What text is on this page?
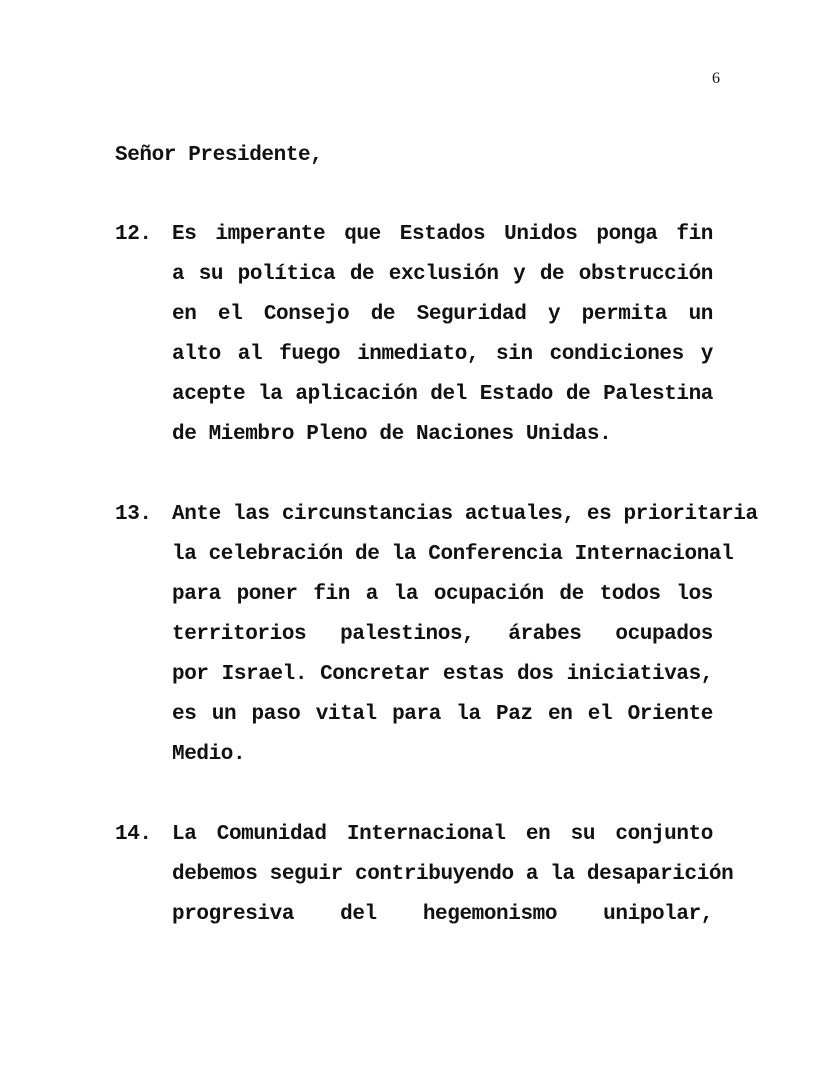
6
Señor Presidente,
12. Es imperante que Estados Unidos ponga fin
a su política de exclusión y de obstrucción
en el Consejo de Seguridad y permita un
alto al fuego inmediato, sin condiciones y
acepte la aplicación del Estado de Palestina
de Miembro Pleno de Naciones Unidas.
13. Ante las circunstancias actuales, es prioritaria
la celebración de la Conferencia Internacional
para poner fin a la ocupación de todos los
territorios palestinos, árabes ocupados
por Israel. Concretar estas dos iniciativas,
es un paso vital para la Paz en el Oriente
Medio.
14. La Comunidad Internacional en su conjunto
debemos seguir contribuyendo a la desaparición
progresiva del hegemonismo unipolar,
